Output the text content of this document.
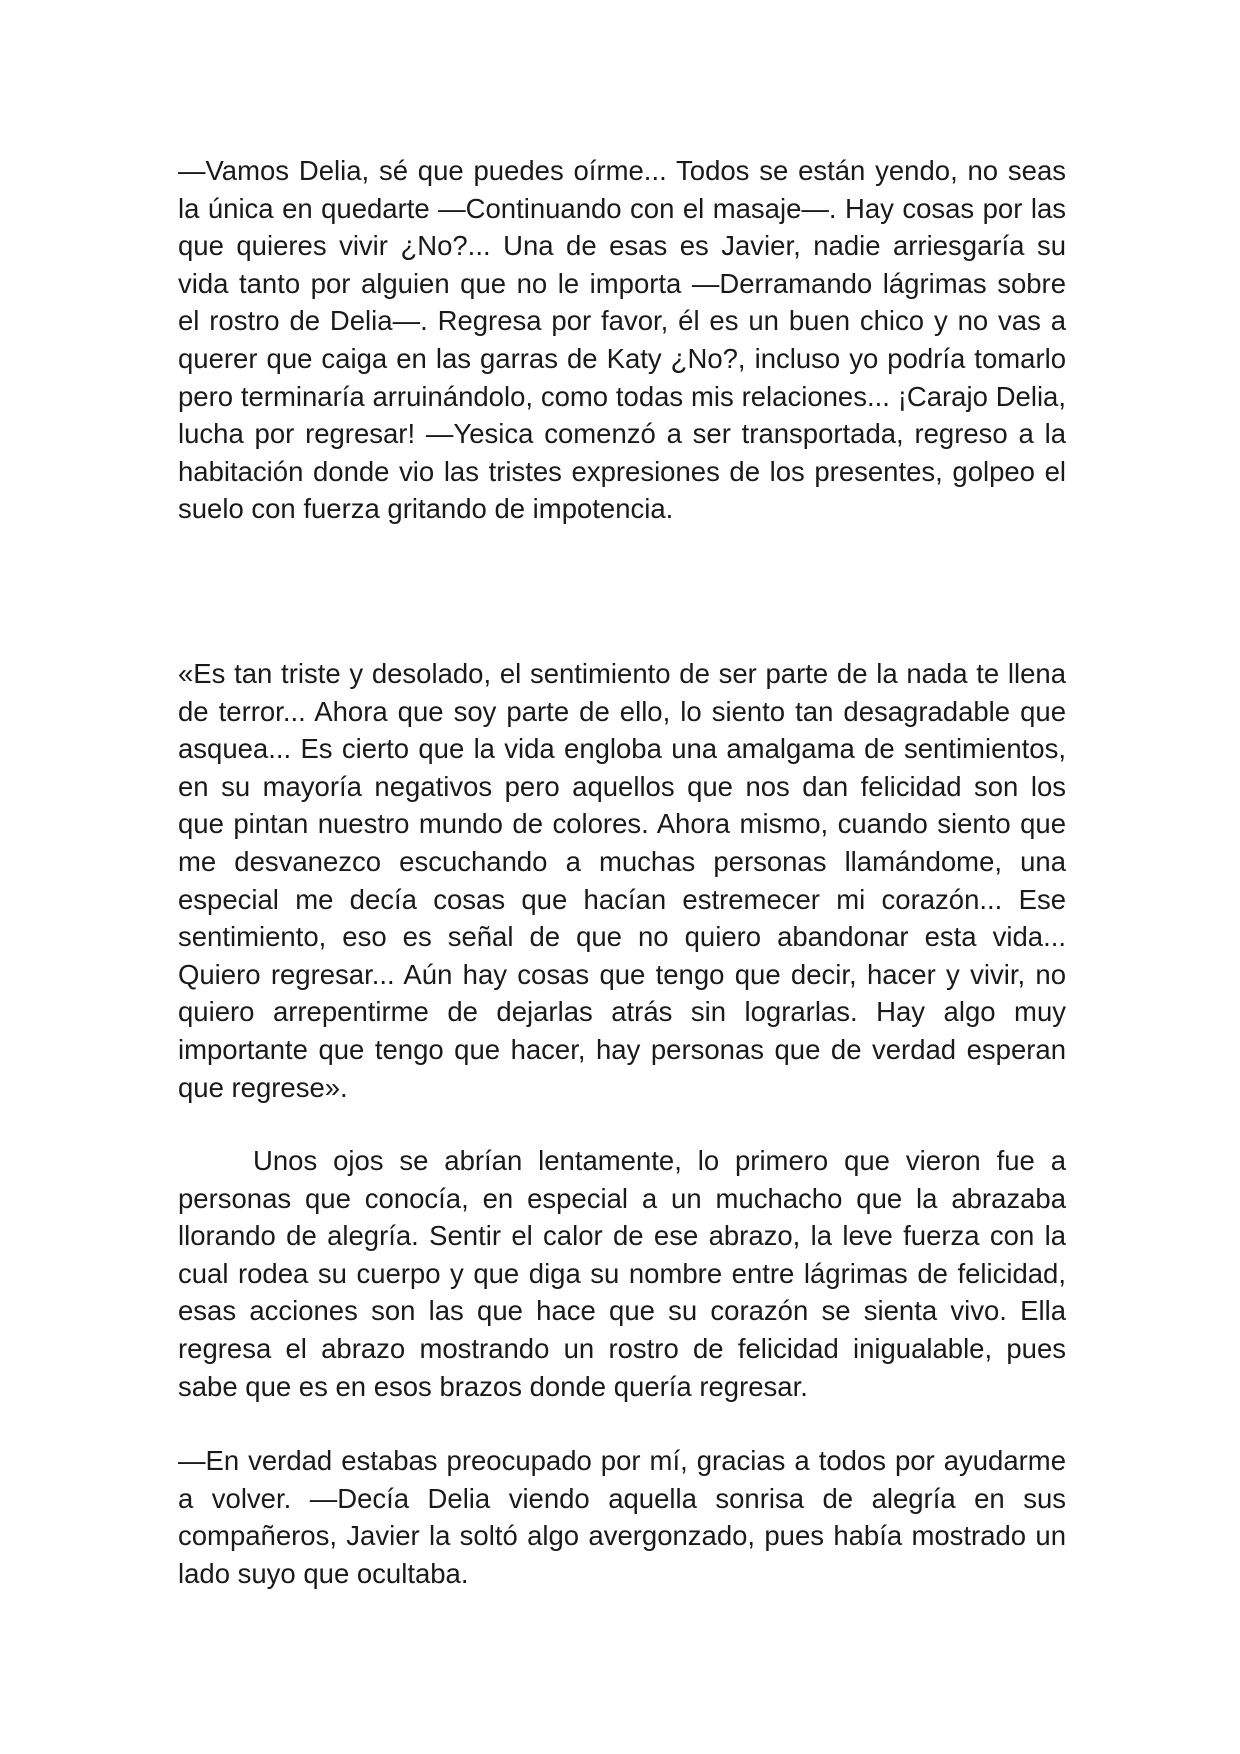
—Vamos Delia, sé que puedes oírme... Todos se están yendo, no seas la única en quedarte —Continuando con el masaje—. Hay cosas por las que quieres vivir ¿No?... Una de esas es Javier, nadie arriesgaría su vida tanto por alguien que no le importa —Derramando lágrimas sobre el rostro de Delia—. Regresa por favor, él es un buen chico y no vas a querer que caiga en las garras de Katy ¿No?, incluso yo podría tomarlo pero terminaría arruinándolo, como todas mis relaciones... ¡Carajo Delia, lucha por regresar! —Yesica comenzó a ser transportada, regreso a la habitación donde vio las tristes expresiones de los presentes, golpeo el suelo con fuerza gritando de impotencia.

«Es tan triste y desolado, el sentimiento de ser parte de la nada te llena de terror... Ahora que soy parte de ello, lo siento tan desagradable que asquea... Es cierto que la vida engloba una amalgama de sentimientos, en su mayoría negativos pero aquellos que nos dan felicidad son los que pintan nuestro mundo de colores. Ahora mismo, cuando siento que me desvanezco escuchando a muchas personas llamándome, una especial me decía cosas que hacían estremecer mi corazón... Ese sentimiento, eso es señal de que no quiero abandonar esta vida... Quiero regresar... Aún hay cosas que tengo que decir, hacer y vivir, no quiero arrepentirme de dejarlas atrás sin lograrlas. Hay algo muy importante que tengo que hacer, hay personas que de verdad esperan que regrese».

Unos ojos se abrían lentamente, lo primero que vieron fue a personas que conocía, en especial a un muchacho que la abrazaba llorando de alegría. Sentir el calor de ese abrazo, la leve fuerza con la cual rodea su cuerpo y que diga su nombre entre lágrimas de felicidad, esas acciones son las que hace que su corazón se sienta vivo. Ella regresa el abrazo mostrando un rostro de felicidad inigualable, pues sabe que es en esos brazos donde quería regresar.

—En verdad estabas preocupado por mí, gracias a todos por ayudarme a volver. —Decía Delia viendo aquella sonrisa de alegría en sus compañeros, Javier la soltó algo avergonzado, pues había mostrado un lado suyo que ocultaba.
